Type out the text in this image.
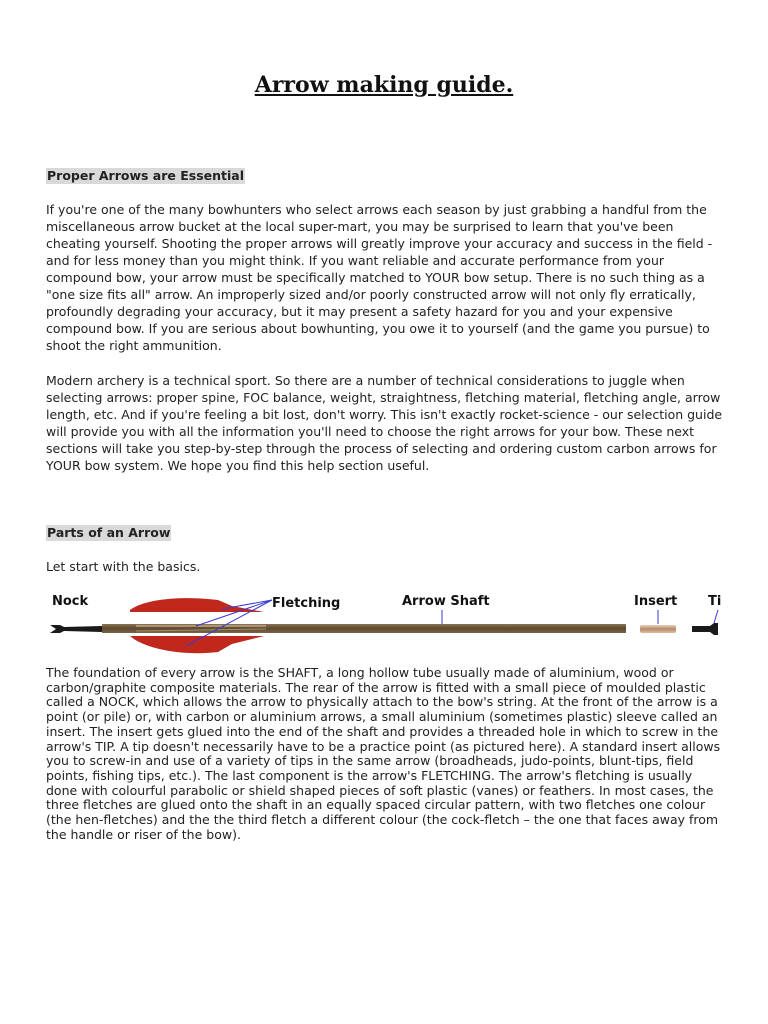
Arrow making guide.
Proper Arrows are Essential

If you're one of the many bowhunters who select arrows each season by just grabbing a handful from the miscellaneous arrow bucket at the local super-mart, you may be surprised to learn that you've been cheating yourself. Shooting the proper arrows will greatly improve your accuracy and success in the field - and for less money than you might think. If you want reliable and accurate performance from your compound bow, your arrow must be specifically matched to YOUR bow setup. There is no such thing as a "one size fits all" arrow. An improperly sized and/or poorly constructed arrow will not only fly erratically, profoundly degrading your accuracy, but it may present a safety hazard for you and your expensive compound bow. If you are serious about bowhunting, you owe it to yourself (and the game you pursue) to shoot the right ammunition.

Modern archery is a technical sport. So there are a number of technical considerations to juggle when selecting arrows: proper spine, FOC balance, weight, straightness, fletching material, fletching angle, arrow length, etc. And if you're feeling a bit lost, don't worry. This isn't exactly rocket-science - our selection guide will provide you with all the information you'll need to choose the right arrows for your bow. These next sections will take you step-by-step through the process of selecting and ordering custom carbon arrows for YOUR bow system. We hope you find this help section useful.

Parts of an Arrow

Let start with the basics.

Nock	Fletching	Arrow Shaft	Insert Ti

The foundation of every arrow is the SHAFT, a long hollow tube usually made of aluminium, wood or carbon/graphite composite materials. The rear of the arrow is fitted with a small piece of moulded plastic called a NOCK, which allows the arrow to physically attach to the bow's string. At the front of the arrow is a point (or pile) or, with carbon or aluminium arrows, a small aluminium (sometimes plastic) sleeve called an insert. The insert gets glued into the end of the shaft and provides a threaded hole in which to screw in the arrow's TIP. A tip doesn't necessarily have to be a practice point (as pictured here). A standard insert allows you to screw-in and use of a variety of tips in the same arrow (broadheads, judo-points, blunt-tips, field points, fishing tips, etc.). The last component is the arrow's FLETCHING. The arrow's fletching is usually done with colourful parabolic or shield shaped pieces of soft plastic (vanes) or feathers. In most cases, the three fletches are glued onto the shaft in an equally spaced circular pattern, with two fletches one colour (the hen-fletches) and the the third fletch a different colour (the cock-fletch – the one that faces away from the handle or riser of the bow).
